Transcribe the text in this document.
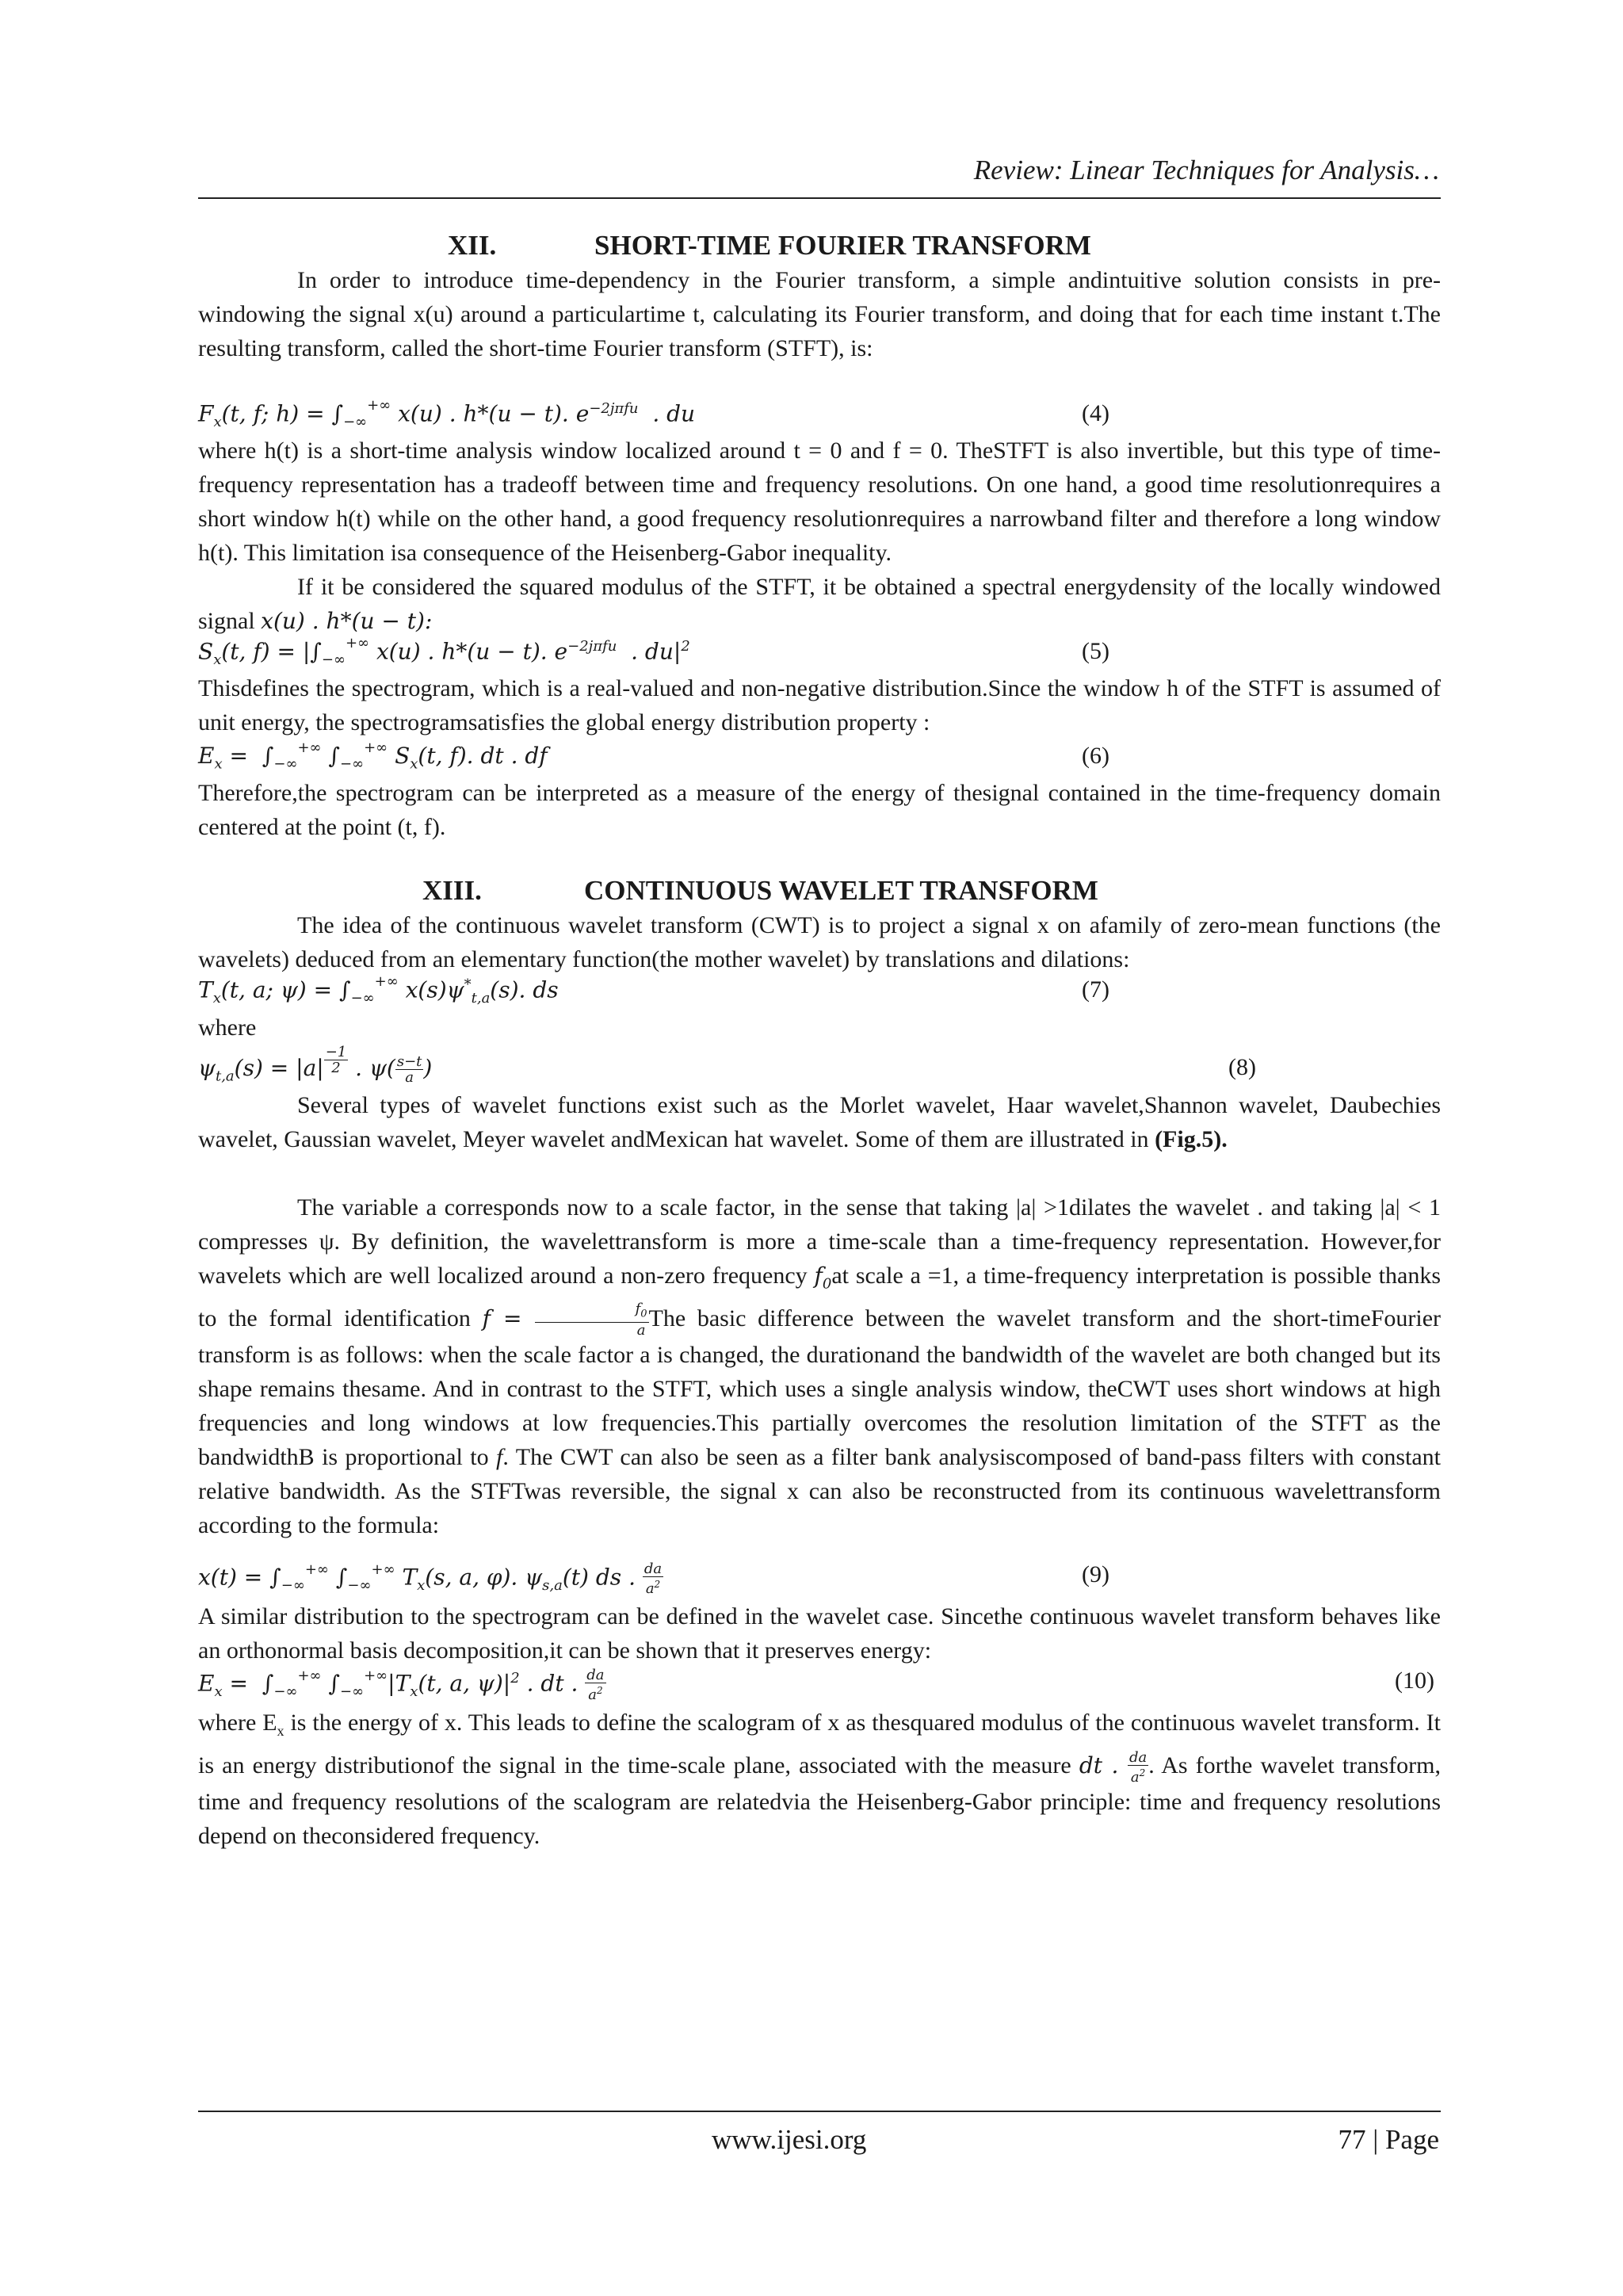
Review: Linear Techniques for Analysis…
XII.	SHORT-TIME FOURIER TRANSFORM
In order to introduce time-dependency in the Fourier transform, a simple andintuitive solution consists in pre-windowing the signal x(u) around a particulartime t, calculating its Fourier transform, and doing that for each time instant t.The resulting transform, called the short-time Fourier transform (STFT), is:
$F_x(t$, f; $h) = \int_{-\infty}^{+\infty}$ x(u) . h*(u − t). $e^{-2j\pi fu}$  . du	(4)
where h(t) is a short-time analysis window localized around t = 0 and f = 0. TheSTFT is also invertible, but this type of time-frequency representation has a tradeoff between time and frequency resolutions. On one hand, a good time resolutionrequires a short window h(t) while on the other hand, a good frequency resolutionrequires a narrowband filter and therefore a long window h(t). This limitation isa consequence of the Heisenberg-Gabor inequality.
If it be considered the squared modulus of the STFT, it be obtained a spectral energydensity of the locally windowed signal x(u) . h*(u − t):
$S_x(t$, $f) = |\int_{-\infty}^{+\infty}$ x(u) . h*(u − t). $e^{-2j\pi fu}$  . $du|^2$	(5)
Thisdefines the spectrogram, which is a real-valued and non-negative distribution.Since the window h of the STFT is assumed of unit energy, the spectrogramsatisfies the global energy distribution property :
$E_x = \int_{-\infty}^{+\infty}$ $\int_{-\infty}^{+\infty}$ $S_x(t$, f). dt . df	(6)
Therefore,the spectrogram can be interpreted as a measure of the energy of thesignal contained in the time-frequency domain centered at the point (t, f).
XIII.	CONTINUOUS WAVELET TRANSFORM
The idea of the continuous wavelet transform (CWT) is to project a signal x on afamily of zero-mean functions (the wavelets) deduced from an elementary function(the mother wavelet) by translations and dilations:
$T_x(t$, a; $\psi) = \int_{-\infty}^{+\infty}$ $x(s)\psi^*_{t,a}(s)$. ds	(7)
where
$\psi_{t,a}(s) = |a| \frac{-1}{2}$ . $\psi( \frac{s-t}{a}$ )	(8)
Several types of wavelet functions exist such as the Morlet wavelet, Haar wavelet,Shannon wavelet, Daubechies wavelet, Gaussian wavelet, Meyer wavelet andMexican hat wavelet. Some of them are illustrated in (Fig.5).
The variable a corresponds now to a scale factor, in the sense that taking |a| >1dilates the wavelet . and taking |a| < 1 compresses ψ. By definition, the wavelettransform is more a time-scale than a time-frequency representation. However,for wavelets which are well localized around a non-zero frequency $f_0at$ scale a =1, a time-frequency interpretation is possible thanks to the formal identification $f = \frac{f_0}{a}$ The basic difference between the wavelet transform and the short-timeFourier transform is as follows: when the scale factor a is changed, the durationand the bandwidth of the wavelet are both changed but its shape remains thesame. And in contrast to the STFT, which uses a single analysis window, theCWT uses short windows at high frequencies and long windows at low frequencies.This partially overcomes the resolution limitation of the STFT as the bandwidthB is proportional to f. The CWT can also be seen as a filter bank analysiscomposed of band-pass filters with constant relative bandwidth. As the STFTwas reversible, the signal x can also be reconstructed from its continuous wavelettransform according to the formula:
$x(t) = \int_{-\infty}^{+\infty}$ $\int_{-\infty}^{+\infty}$ $T_x(s$, a, φ). $\psi_{s,a}(t)$ ds . $\frac{da}{a^2}$	(9)
A similar distribution to the spectrogram can be defined in the wavelet case. Sincethe continuous wavelet transform behaves like an orthonormal basis decomposition,it can be shown that it preserves energy:
$E_x = \int_{-\infty}^{+\infty}$ $\int_{-\infty}^{+\infty}|T_x(t$, a, $\psi)|^2$ . dt . $\frac{da}{a^2}$	(10)
where $E_x$ is the energy of x. This leads to define the scalogram of x as thesquared modulus of the continuous wavelet transform. It is an energy distributionof the signal in the time-scale plane, associated with the measure dt . $\frac{da}{a^2}$ . As forthe wavelet transform, time and frequency resolutions of the scalogram are relatedvia the Heisenberg-Gabor principle: time and frequency resolutions depend on theconsidered frequency.
www.ijesi.org	77 | Page
